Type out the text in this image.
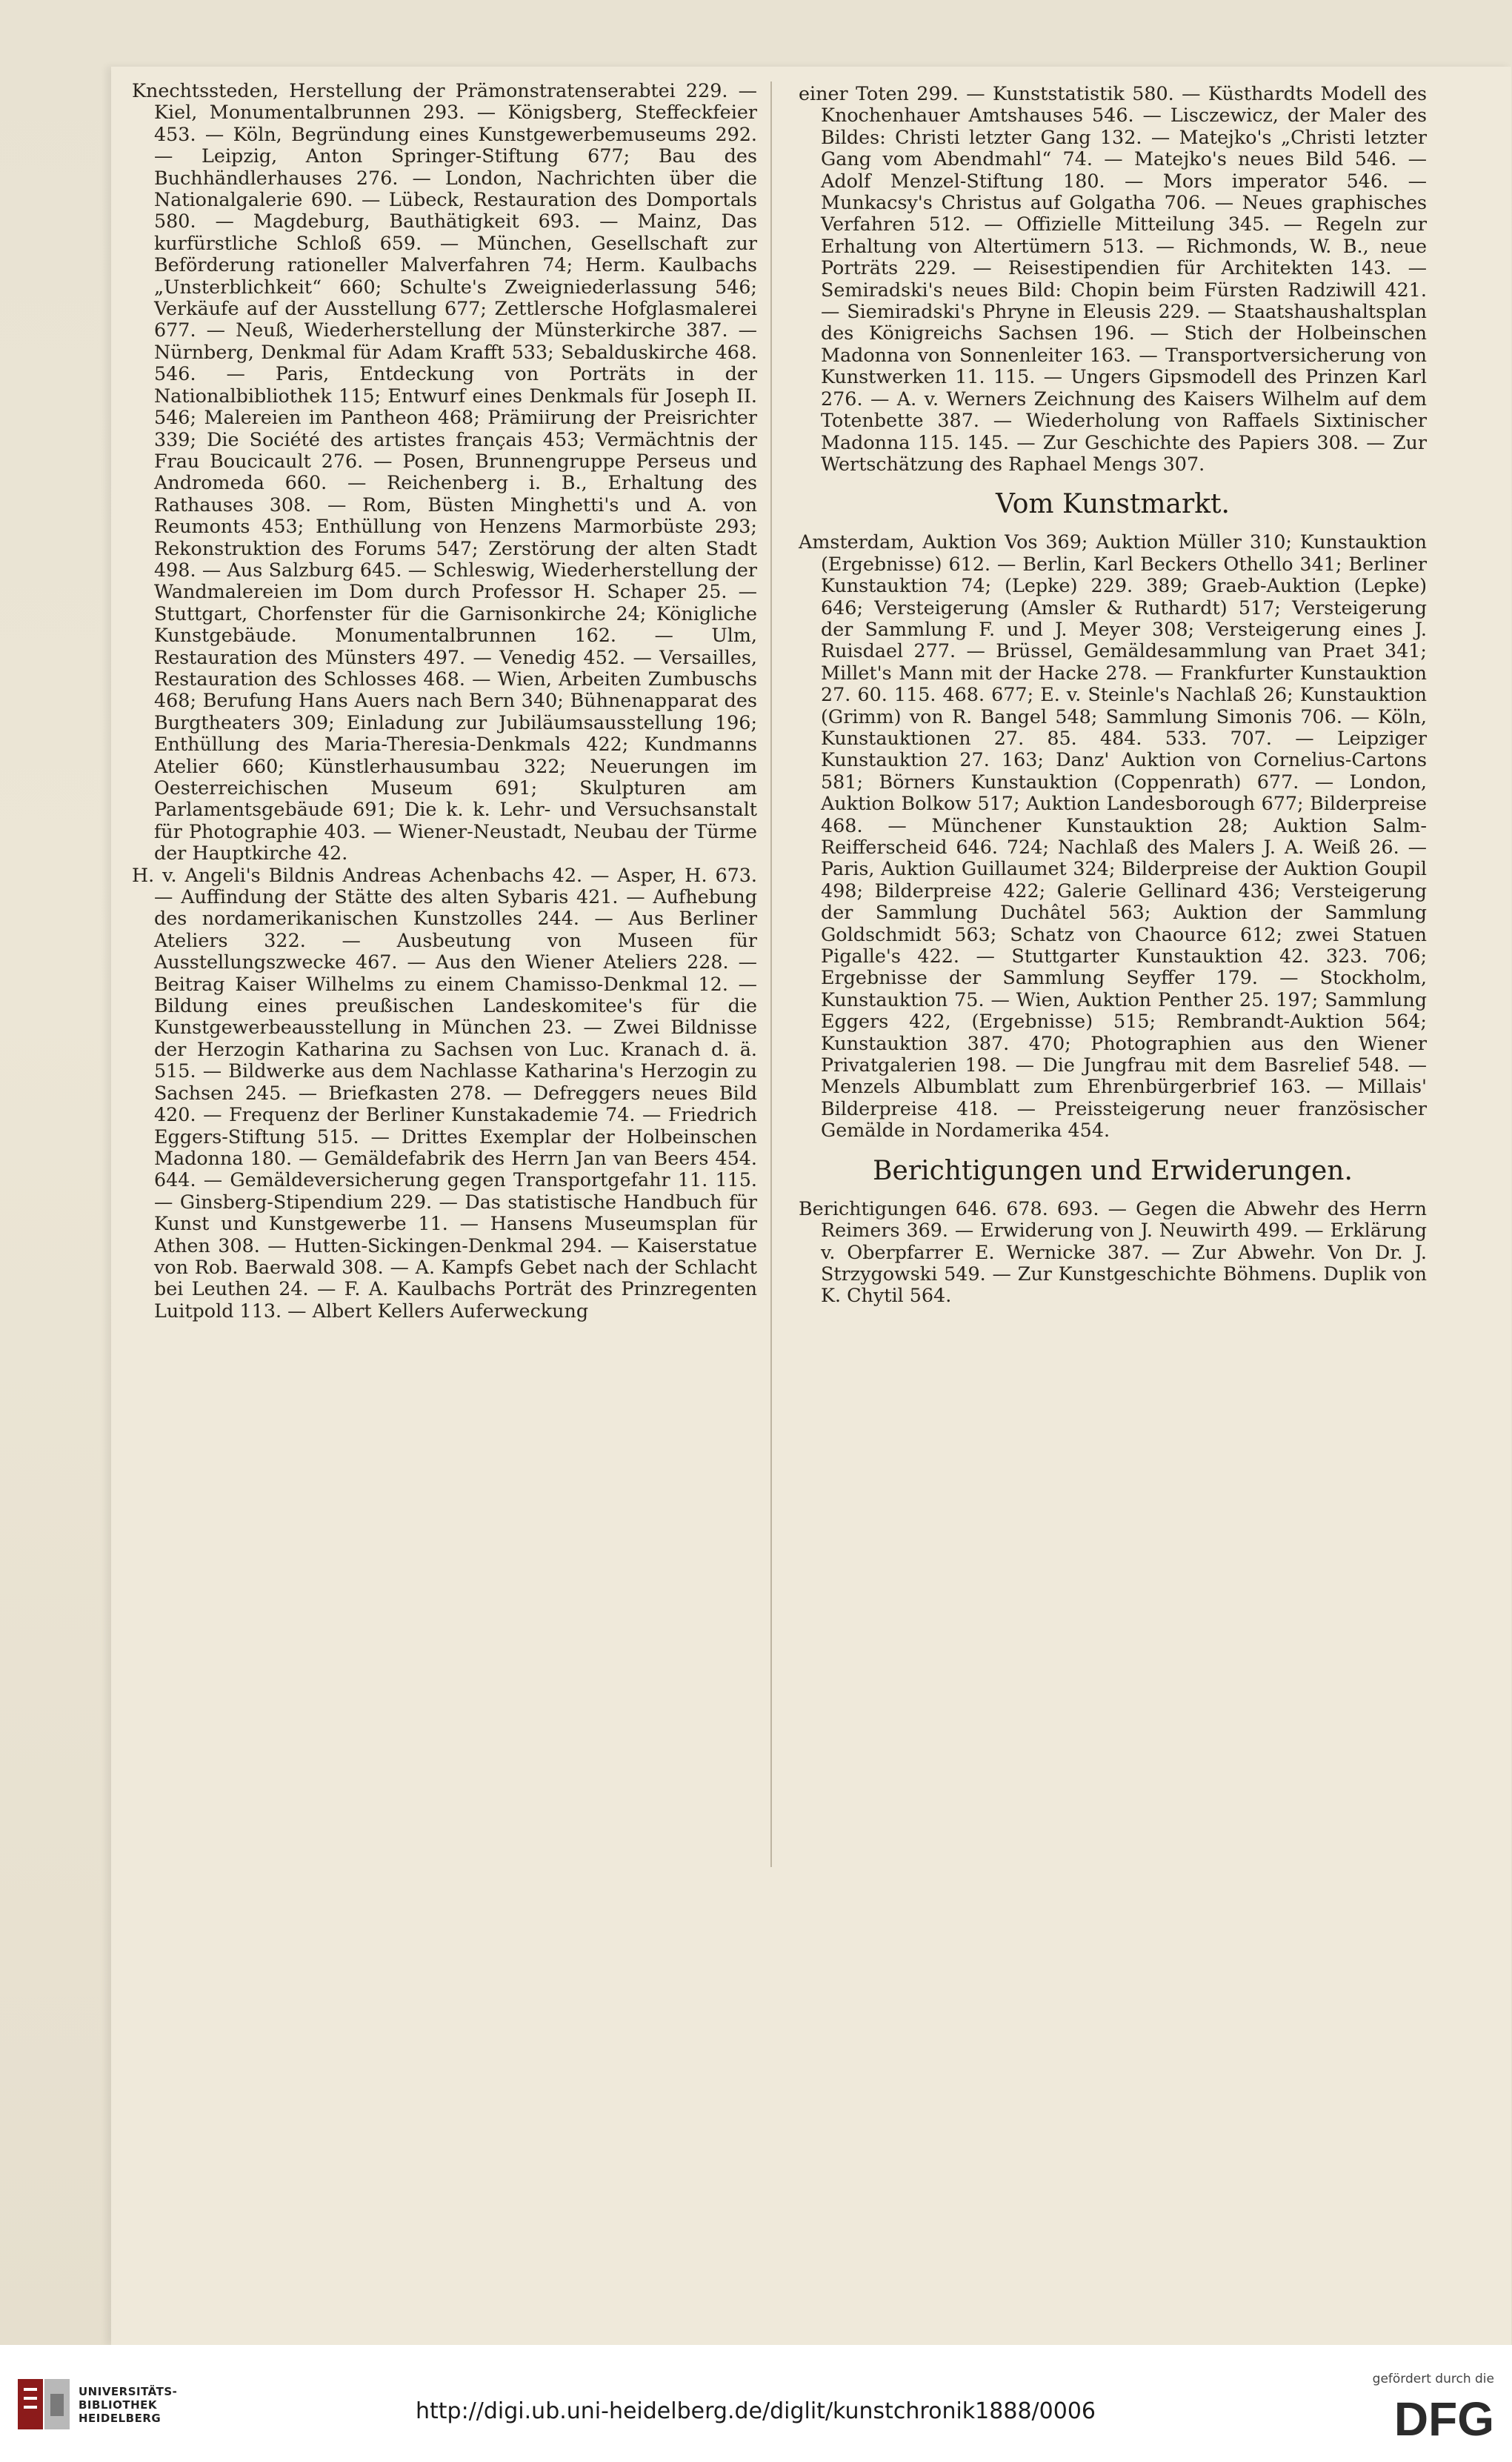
Knechtssteden, Herstellung der Prämonstratenserabtei 229. — Kiel, Monumentalbrunnen 293. — Königsberg, Steffeckfeier 453. — Köln, Begründung eines Kunstgewerbemuseums 292. — Leipzig, Anton Springer-Stiftung 677; Bau des Buchhändlerhauses 276. — London, Nachrichten über die Nationalgalerie 690. — Lübeck, Restauration des Domportals 580. — Magdeburg, Bauthätigkeit 693. — Mainz, Das kurfürstliche Schloß 659. — München, Gesellschaft zur Beförderung rationeller Malverfahren 74; Herm. Kaulbachs „Unsterblichkeit“ 660; Schulte's Zweigniederlassung 546; Verkäufe auf der Ausstellung 677; Zettlersche Hofglasmalerei 677. — Neuß, Wiederherstellung der Münsterkirche 387. — Nürnberg, Denkmal für Adam Krafft 533; Sebalduskirche 468. 546. — Paris, Entdeckung von Porträts in der Nationalbibliothek 115; Entwurf eines Denkmals für Joseph II. 546; Malereien im Pantheon 468; Prämiirung der Preisrichter 339; Die Société des artistes français 453; Vermächtnis der Frau Boucicault 276. — Posen, Brunnengruppe Perseus und Andromeda 660. — Reichenberg i. B., Erhaltung des Rathauses 308. — Rom, Büsten Minghetti's und A. von Reumonts 453; Enthüllung von Henzens Marmorbüste 293; Rekonstruktion des Forums 547; Zerstörung der alten Stadt 498. — Aus Salzburg 645. — Schleswig, Wiederherstellung der Wandmalereien im Dom durch Professor H. Schaper 25. — Stuttgart, Chorfenster für die Garnisonkirche 24; Königliche Kunstgebäude. Monumentalbrunnen 162. — Ulm, Restauration des Münsters 497. — Venedig 452. — Versailles, Restauration des Schlosses 468. — Wien, Arbeiten Zumbuschs 468; Berufung Hans Auers nach Bern 340; Bühnenapparat des Burgtheaters 309; Einladung zur Jubiläumsausstellung 196; Enthüllung des Maria-Theresia-Denkmals 422; Kundmanns Atelier 660; Künstlerhausumbau 322; Neuerungen im Oesterreichischen Museum 691; Skulpturen am Parlamentsgebäude 691; Die k. k. Lehr- und Versuchsanstalt für Photographie 403. — Wiener-Neustadt, Neubau der Türme der Hauptkirche 42.

H. v. Angeli's Bildnis Andreas Achenbachs 42. — Asper, H. 673. — Auffindung der Stätte des alten Sybaris 421. — Aufhebung des nordamerikanischen Kunstzolles 244. — Aus Berliner Ateliers 322. — Ausbeutung von Museen für Ausstellungszwecke 467. — Aus den Wiener Ateliers 228. — Beitrag Kaiser Wilhelms zu einem Chamisso-Denkmal 12. — Bildung eines preußischen Landeskomitee's für die Kunstgewerbeausstellung in München 23. — Zwei Bildnisse der Herzogin Katharina zu Sachsen von Luc. Kranach d. ä. 515. — Bildwerke aus dem Nachlasse Katharina's Herzogin zu Sachsen 245. — Briefkasten 278. — Defreggers neues Bild 420. — Frequenz der Berliner Kunstakademie 74. — Friedrich Eggers-Stiftung 515. — Drittes Exemplar der Holbeinschen Madonna 180. — Gemäldefabrik des Herrn Jan van Beers 454. 644. — Gemäldeversicherung gegen Transportgefahr 11. 115. — Ginsberg-Stipendium 229. — Das statistische Handbuch für Kunst und Kunstgewerbe 11. — Hansens Museumsplan für Athen 308. — Hutten-Sickingen-Denkmal 294. — Kaiserstatue von Rob. Baerwald 308. — A. Kampfs Gebet nach der Schlacht bei Leuthen 24. — F. A. Kaulbachs Porträt des Prinzregenten Luitpold 113. — Albert Kellers Auferweckung

einer Toten 299. — Kunststatistik 580. — Küsthardts Modell des Knochenhauer Amtshauses 546. — Lisczewicz, der Maler des Bildes: Christi letzter Gang 132. — Matejko's „Christi letzter Gang vom Abendmahl“ 74. — Matejko's neues Bild 546. — Adolf Menzel-Stiftung 180. — Mors imperator 546. — Munkacsy's Christus auf Golgatha 706. — Neues graphisches Verfahren 512. — Offizielle Mitteilung 345. — Regeln zur Erhaltung von Altertümern 513. — Richmonds, W. B., neue Porträts 229. — Reisestipendien für Architekten 143. — Semiradski's neues Bild: Chopin beim Fürsten Radziwill 421. — Siemiradski's Phryne in Eleusis 229. — Staatshaushaltsplan des Königreichs Sachsen 196. — Stich der Holbeinschen Madonna von Sonnenleiter 163. — Transportversicherung von Kunstwerken 11. 115. — Ungers Gipsmodell des Prinzen Karl 276. — A. v. Werners Zeichnung des Kaisers Wilhelm auf dem Totenbette 387. — Wiederholung von Raffaels Sixtinischer Madonna 115. 145. — Zur Geschichte des Papiers 308. — Zur Wertschätzung des Raphael Mengs 307.

Vom Kunstmarkt.

Amsterdam, Auktion Vos 369; Auktion Müller 310; Kunstauktion (Ergebnisse) 612. — Berlin, Karl Beckers Othello 341; Berliner Kunstauktion 74; (Lepke) 229. 389; Graeb-Auktion (Lepke) 646; Versteigerung (Amsler & Ruthardt) 517; Versteigerung der Sammlung F. und J. Meyer 308; Versteigerung eines J. Ruisdael 277. — Brüssel, Gemäldesammlung van Praet 341; Millet's Mann mit der Hacke 278. — Frankfurter Kunstauktion 27. 60. 115. 468. 677; E. v. Steinle's Nachlaß 26; Kunstauktion (Grimm) von R. Bangel 548; Sammlung Simonis 706. — Köln, Kunstauktionen 27. 85. 484. 533. 707. — Leipziger Kunstauktion 27. 163; Danz' Auktion von Cornelius-Cartons 581; Börners Kunstauktion (Coppenrath) 677. — London, Auktion Bolkow 517; Auktion Landesborough 677; Bilderpreise 468. — Münchener Kunstauktion 28; Auktion Salm-Reifferscheid 646. 724; Nachlaß des Malers J. A. Weiß 26. — Paris, Auktion Guillaumet 324; Bilderpreise der Auktion Goupil 498; Bilderpreise 422; Galerie Gellinard 436; Versteigerung der Sammlung Duchâtel 563; Auktion der Sammlung Goldschmidt 563; Schatz von Chaource 612; zwei Statuen Pigalle's 422. — Stuttgarter Kunstauktion 42. 323. 706; Ergebnisse der Sammlung Seyffer 179. — Stockholm, Kunstauktion 75. — Wien, Auktion Penther 25. 197; Sammlung Eggers 422, (Ergebnisse) 515; Rembrandt-Auktion 564; Kunstauktion 387. 470; Photographien aus den Wiener Privatgalerien 198. — Die Jungfrau mit dem Basrelief 548. — Menzels Albumblatt zum Ehrenbürgerbrief 163. — Millais' Bilderpreise 418. — Preissteigerung neuer französischer Gemälde in Nordamerika 454.

Berichtigungen und Erwiderungen.

Berichtigungen 646. 678. 693. — Gegen die Abwehr des Herrn Reimers 369. — Erwiderung von J. Neuwirth 499. — Erklärung v. Oberpfarrer E. Wernicke 387. — Zur Abwehr. Von Dr. J. Strzygowski 549. — Zur Kunstgeschichte Böhmens. Duplik von K. Chytil 564.

UNIVERSITÄTS-
BIBLIOTHEK
HEIDELBERG	http://digi.ub.uni-heidelberg.de/diglit/kunstchronik1888/0006
gefördert durch die
DFG
